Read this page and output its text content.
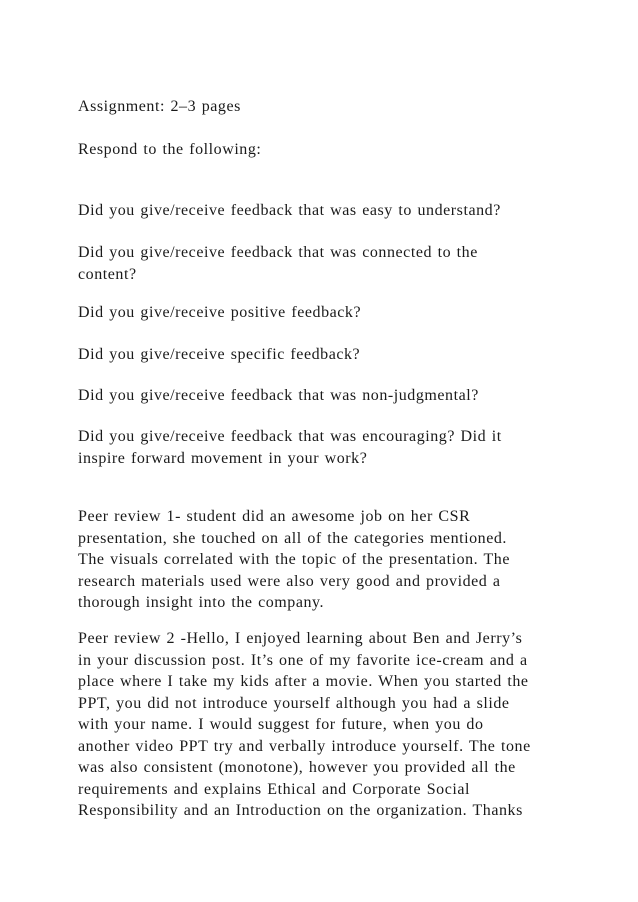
Assignment: 2–3 pages

Respond to the following:

Did you give/receive feedback that was easy to understand?

Did you give/receive feedback that was connected to the
content?

Did you give/receive positive feedback?

Did you give/receive specific feedback?

Did you give/receive feedback that was non-judgmental?

Did you give/receive feedback that was encouraging? Did it
inspire forward movement in your work?

Peer review 1- student did an awesome job on her CSR
presentation, she touched on all of the categories mentioned.
The visuals correlated with the topic of the presentation. The
research materials used were also very good and provided a
thorough insight into the company.

Peer review 2 -Hello, I enjoyed learning about Ben and Jerry’s
in your discussion post. It’s one of my favorite ice-cream and a
place where I take my kids after a movie. When you started the
PPT, you did not introduce yourself although you had a slide
with your name. I would suggest for future, when you do
another video PPT try and verbally introduce yourself. The tone
was also consistent (monotone), however you provided all the
requirements and explains Ethical and Corporate Social
Responsibility and an Introduction on the organization. Thanks
